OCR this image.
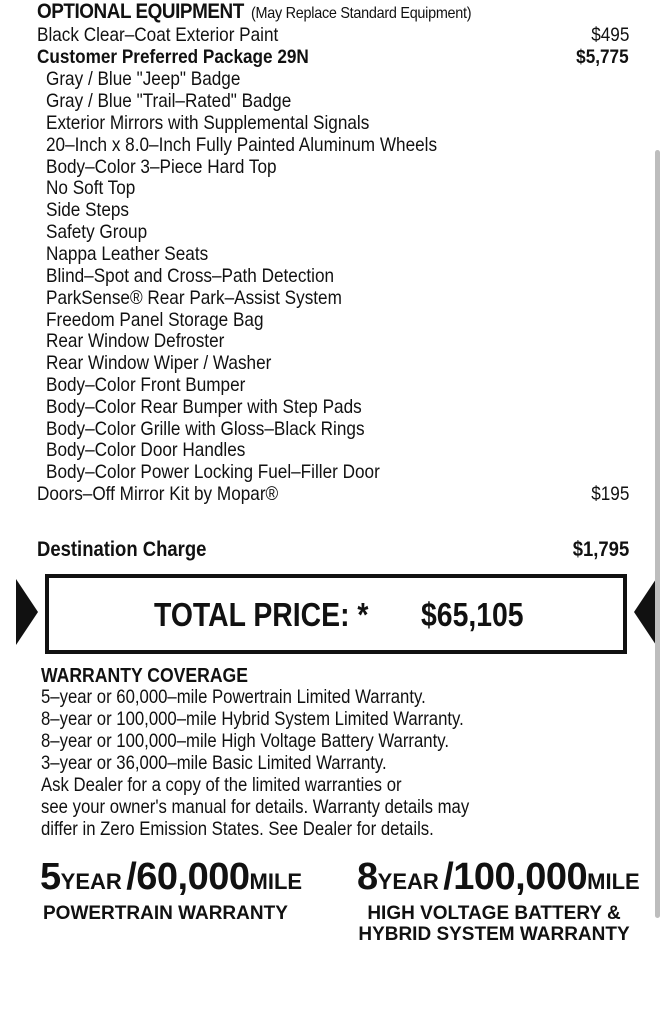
OPTIONAL EQUIPMENT (May Replace Standard Equipment)
Black Clear–Coat Exterior Paint	$495
Customer Preferred Package 29N	$5,775
Gray / Blue "Jeep" Badge
Gray / Blue "Trail–Rated" Badge
Exterior Mirrors with Supplemental Signals
20–Inch x 8.0–Inch Fully Painted Aluminum Wheels
Body–Color 3–Piece Hard Top
No Soft Top
Side Steps
Safety Group
Nappa Leather Seats
Blind–Spot and Cross–Path Detection
ParkSense® Rear Park–Assist System
Freedom Panel Storage Bag
Rear Window Defroster
Rear Window Wiper / Washer
Body–Color Front Bumper
Body–Color Rear Bumper with Step Pads
Body–Color Grille with Gloss–Black Rings
Body–Color Door Handles
Body–Color Power Locking Fuel–Filler Door
Doors–Off Mirror Kit by Mopar®	$195
Destination Charge	$1,795
TOTAL PRICE: * $65,105
WARRANTY COVERAGE
5–year or 60,000–mile Powertrain Limited Warranty.
8–year or 100,000–mile Hybrid System Limited Warranty.
8–year or 100,000–mile High Voltage Battery Warranty.
3–year or 36,000–mile Basic Limited Warranty.
Ask Dealer for a copy of the limited warranties or
see your owner's manual for details. Warranty details may
differ in Zero Emission States. See Dealer for details.
5YEAR /60,000MILE
POWERTRAIN WARRANTY
8YEAR /100,000MILE
HIGH VOLTAGE BATTERY &
HYBRID SYSTEM WARRANTY
